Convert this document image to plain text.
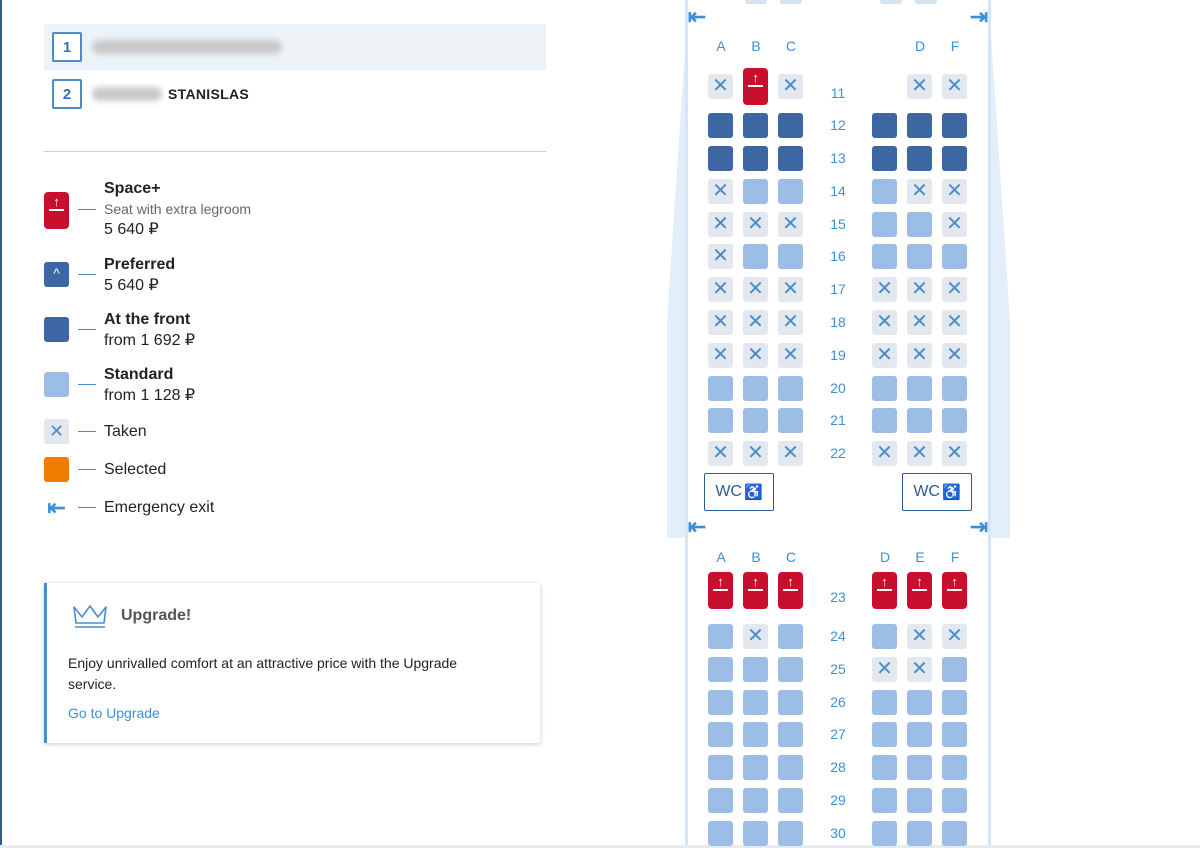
1
2	STANISLAS
↑
Space+
Seat with extra legroom
5 640 ₽
^	Preferred
5 640 ₽
At the front
from 1 692 ₽
Standard
from 1 128 ₽
✕	Taken
Selected
⇤ Emergency exit
Upgrade!
Enjoy unrivalled comfort at an attractive price with the Upgrade service.
Go to Upgrade
⇤	⇥
⇤	⇥
A	B	C	D	F
A	B	C	D	E	F
11
✕	↑	✕	✕ ✕
12
13
14
✕	✕ ✕
15
✕ ✕ ✕	✕
16
✕
17
✕ ✕ ✕	✕ ✕ ✕
18
✕ ✕ ✕	✕ ✕ ✕
19
✕ ✕ ✕	✕ ✕ ✕
20
21
22
✕ ✕ ✕	✕ ✕ ✕
23
↑	↑	↑	↑	↑	↑
24
✕	✕ ✕
25	✕ ✕
26
27
28
29
30
WC ♿	WC ♿
